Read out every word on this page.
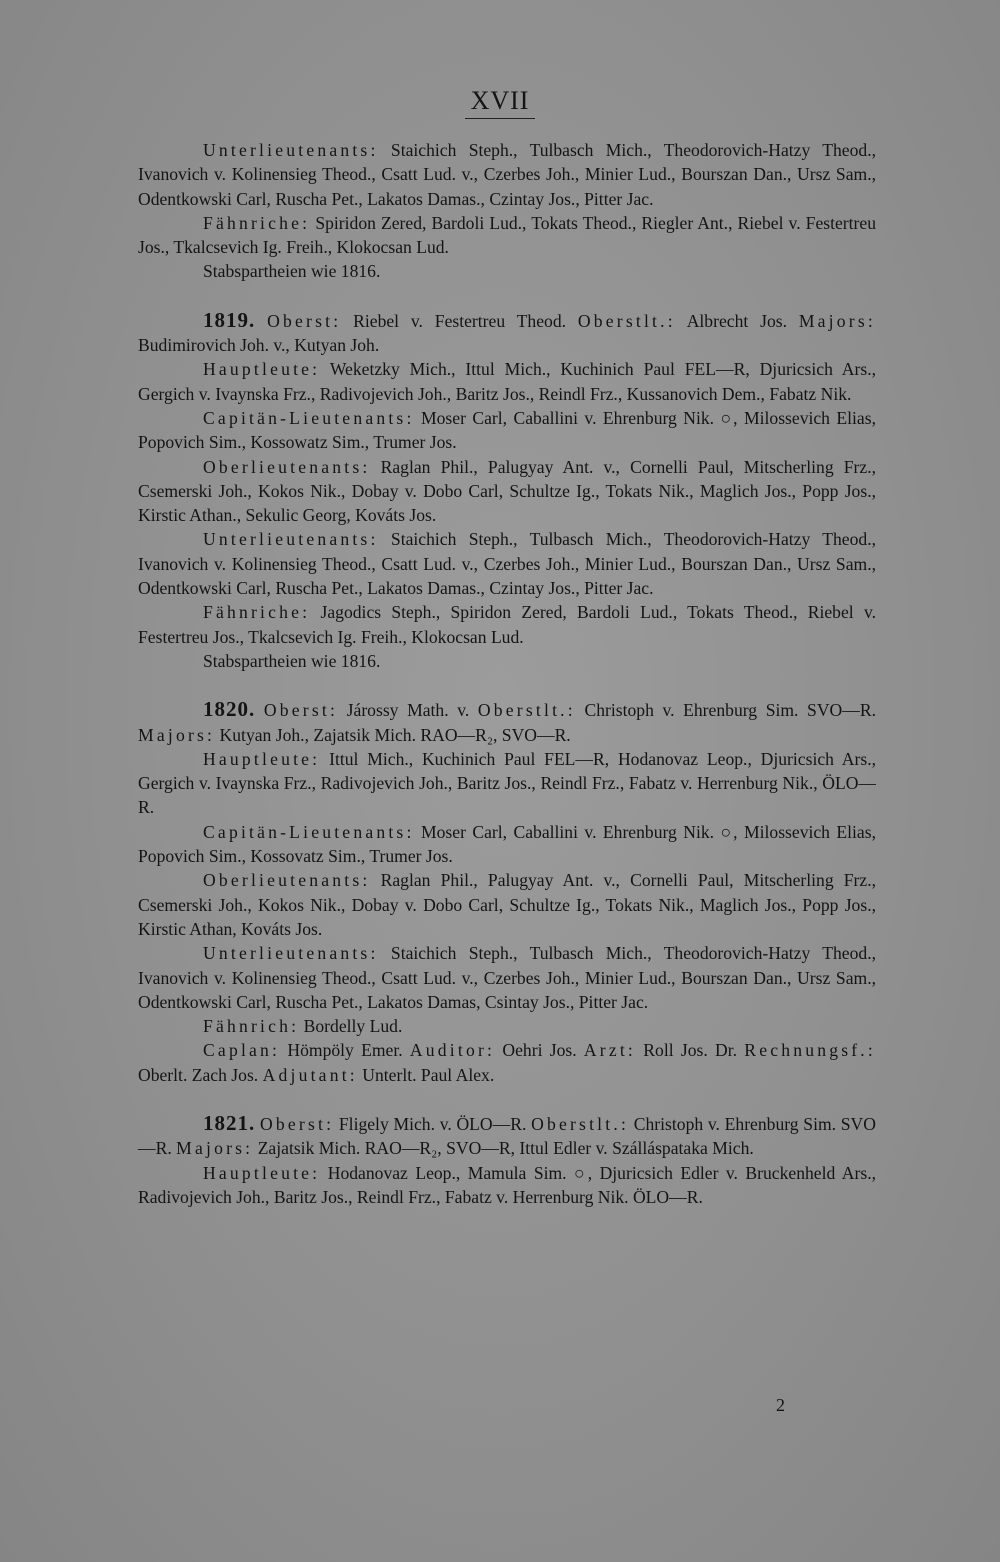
XVII

Unterlieutenants: Staichich Steph., Tulbasch Mich., Theodorovich-Hatzy Theod., Ivanovich v. Kolinensieg Theod., Csatt Lud. v., Czerbes Joh., Minier Lud., Bourszan Dan., Ursz Sam., Odentkowski Carl, Ruscha Pet., Lakatos Damas., Czintay Jos., Pitter Jac.

Fähnriche: Spiridon Zered, Bardoli Lud., Tokats Theod., Riegler Ant., Riebel v. Festertreu Jos., Tkalcsevich Ig. Freih., Klokocsan Lud.

Stabspartheien wie 1816.

1819. Oberst: Riebel v. Festertreu Theod. Oberstlt.: Albrecht Jos. Majors: Budimirovich Joh. v., Kutyan Joh.

Hauptleute: Weketzky Mich., Ittul Mich., Kuchinich Paul FEL—R, Djuricsich Ars., Gergich v. Ivaynska Frz., Radivojevich Joh., Baritz Jos., Reindl Frz., Kussanovich Dem., Fabatz Nik.

Capitän-Lieutenants: Moser Carl, Caballini v. Ehrenburg Nik. ○, Milossevich Elias, Popovich Sim., Kossowatz Sim., Trumer Jos.

Oberlieutenants: Raglan Phil., Palugyay Ant. v., Cornelli Paul, Mitscherling Frz., Csemerski Joh., Kokos Nik., Dobay v. Dobo Carl, Schultze Ig., Tokats Nik., Maglich Jos., Popp Jos., Kirstic Athan., Sekulic Georg, Kováts Jos.

Unterlieutenants: Staichich Steph., Tulbasch Mich., Theodorovich-Hatzy Theod., Ivanovich v. Kolinensieg Theod., Csatt Lud. v., Czerbes Joh., Minier Lud., Bourszan Dan., Ursz Sam., Odentkowski Carl, Ruscha Pet., Lakatos Damas., Czintay Jos., Pitter Jac.

Fähnriche: Jagodics Steph., Spiridon Zered, Bardoli Lud., Tokats Theod., Riebel v. Festertreu Jos., Tkalcsevich Ig. Freih., Klokocsan Lud.

Stabspartheien wie 1816.

1820. Oberst: Járossy Math. v. Oberstlt.: Christoph v. Ehrenburg Sim. SVO—R. Majors: Kutyan Joh., Zajatsik Mich. RAO—R₂, SVO—R.

Hauptleute: Ittul Mich., Kuchinich Paul FEL—R, Hodanovaz Leop., Djuricsich Ars., Gergich v. Ivaynska Frz., Radivojevich Joh., Baritz Jos., Reindl Frz., Fabatz v. Herrenburg Nik., ÖLO—R.

Capitän-Lieutenants: Moser Carl, Caballini v. Ehrenburg Nik. ○, Milossevich Elias, Popovich Sim., Kossovatz Sim., Trumer Jos.

Oberlieutenants: Raglan Phil., Palugyay Ant. v., Cornelli Paul, Mitscherling Frz., Csemerski Joh., Kokos Nik., Dobay v. Dobo Carl, Schultze Ig., Tokats Nik., Maglich Jos., Popp Jos., Kirstic Athan, Kováts Jos.

Unterlieutenants: Staichich Steph., Tulbasch Mich., Theodorovich-Hatzy Theod., Ivanovich v. Kolinensieg Theod., Csatt Lud. v., Czerbes Joh., Minier Lud., Bourszan Dan., Ursz Sam., Odentkowski Carl, Ruscha Pet., Lakatos Damas, Csintay Jos., Pitter Jac.

Fähnrich: Bordelly Lud.

Caplan: Hömpöly Emer. Auditor: Oehri Jos. Arzt: Roll Jos. Dr. Rechnungsf.: Oberlt. Zach Jos. Adjutant: Unterlt. Paul Alex.

1821. Oberst: Fligely Mich. v. ÖLO—R. Oberstlt.: Christoph v. Ehrenburg Sim. SVO—R. Majors: Zajatsik Mich. RAO—R₂, SVO—R, Ittul Edler v. Szálláspataka Mich.

Hauptleute: Hodanovaz Leop., Mamula Sim. ○, Djuricsich Edler v. Bruckenheld Ars., Radivojevich Joh., Baritz Jos., Reindl Frz., Fabatz v. Herrenburg Nik. ÖLO—R.

2
